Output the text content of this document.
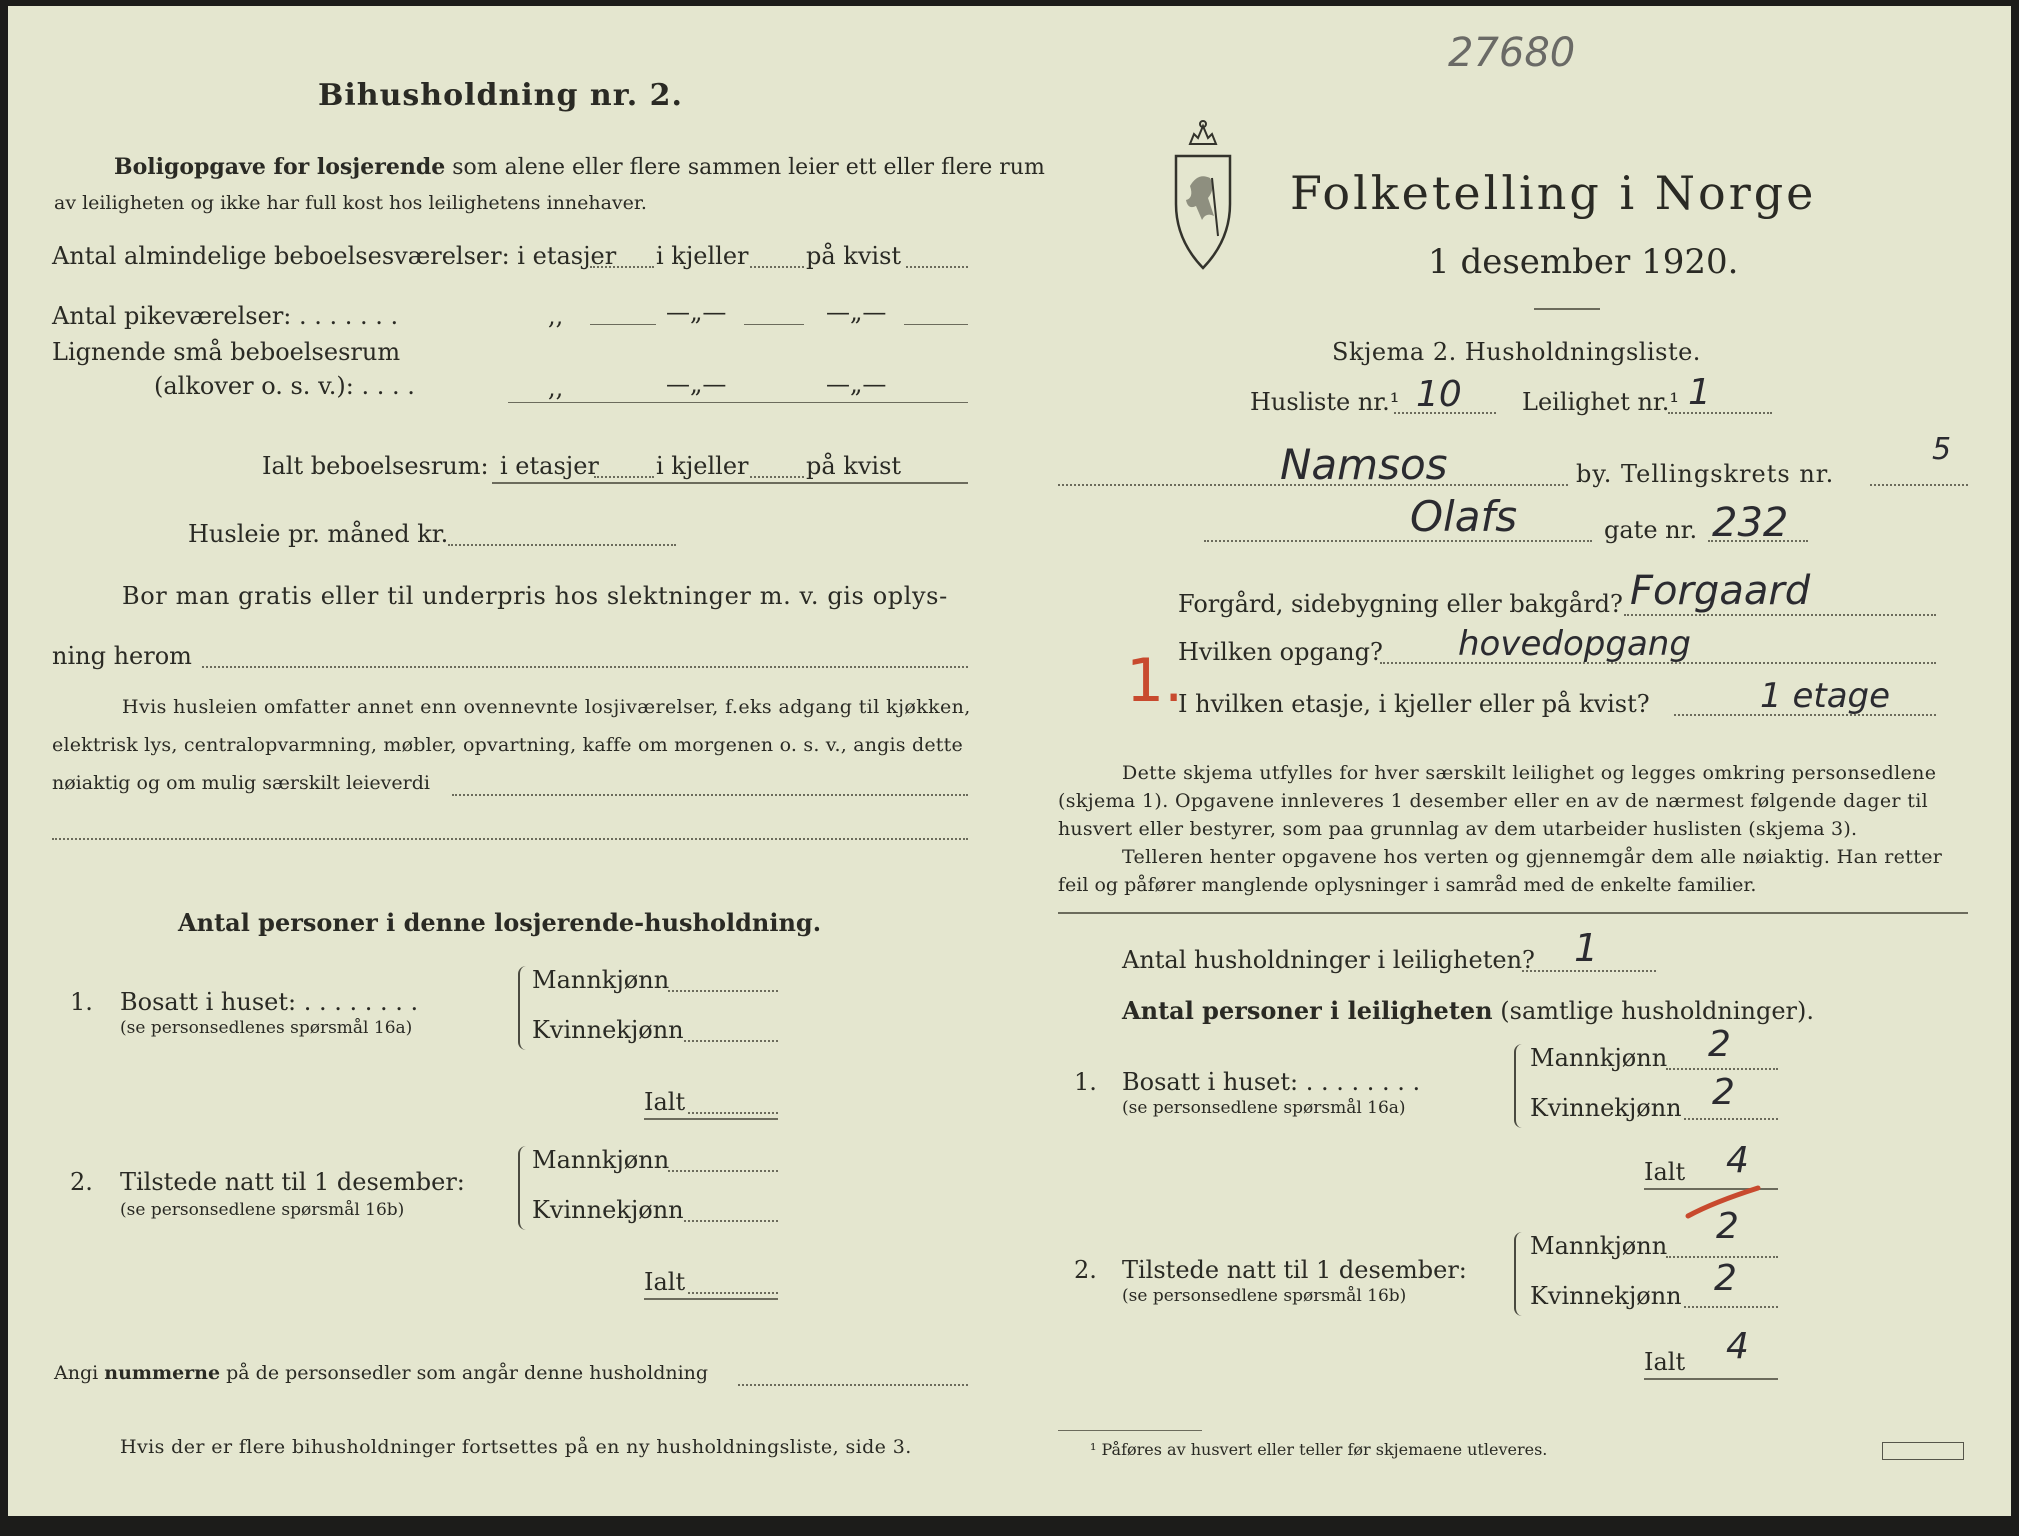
27680
Bihusholdning nr. 2.
Boligopgave for losjerende som alene eller flere sammen leier ett eller flere rum
av leiligheten og ikke har full kost hos leilighetens innehaver.
Antal almindelige beboelsesværelser: i etasjer i kjeller på kvist
Antal pikeværelser: . . . . . . .	,,	—„—	—„—
Lignende små beboelsesrum
(alkover o. s. v.): . . . .	,,	—„—	—„—
Ialt beboelsesrum: i etasjer i kjeller på kvist
Husleie pr. måned kr.
Bor man gratis eller til underpris hos slektninger m. v. gis oplys-
ning herom
Hvis husleien omfatter annet enn ovennevnte losjiværelser, f.eks adgang til kjøkken,
elektrisk lys, centralopvarmning, møbler, opvartning, kaffe om morgenen o. s. v., angis dette
nøiaktig og om mulig særskilt leieverdi
Antal personer i denne losjerende-husholdning.
1. Bosatt i huset: . . . . . . . .
(se personsedlenes spørsmål 16a)
Mannkjønn
Kvinnekjønn
Ialt
2. Tilstede natt til 1 desember:
(se personsedlene spørsmål 16b)
Mannkjønn
Kvinnekjønn
Ialt
Angi nummerne på de personsedler som angår denne husholdning
Hvis der er flere bihusholdninger fortsettes på en ny husholdningsliste, side 3.
Folketelling i Norge
1 desember 1920.
Skjema 2. Husholdningsliste.
Husliste nr.¹ 10	Leilighet nr.¹ 1
Namsos	by. Tellingskrets nr.
5
Olafs	gate nr. 232
Forgård, sidebygning eller bakgård? Forgaard
1.
Hvilken opgang? hovedopgang
I hvilken etasje, i kjeller eller på kvist?	1 etage
Dette skjema utfylles for hver særskilt leilighet og legges omkring personsedlene
(skjema 1). Opgavene innleveres 1 desember eller en av de nærmest følgende dager til
husvert eller bestyrer, som paa grunnlag av dem utarbeider huslisten (skjema 3).
Telleren henter opgavene hos verten og gjennemgår dem alle nøiaktig. Han retter
feil og påfører manglende oplysninger i samråd med de enkelte familier.
Antal husholdninger i leiligheten? 1
Antal personer i leiligheten (samtlige husholdninger).
1. Bosatt i huset: . . . . . . . .
(se personsedlene spørsmål 16a)
Mannkjønn 2
Kvinnekjønn 2
Ialt 4
2. Tilstede natt til 1 desember:
(se personsedlene spørsmål 16b)
Mannkjønn 2
Kvinnekjønn 2
Ialt 4
¹ Påføres av husvert eller teller før skjemaene utleveres.
